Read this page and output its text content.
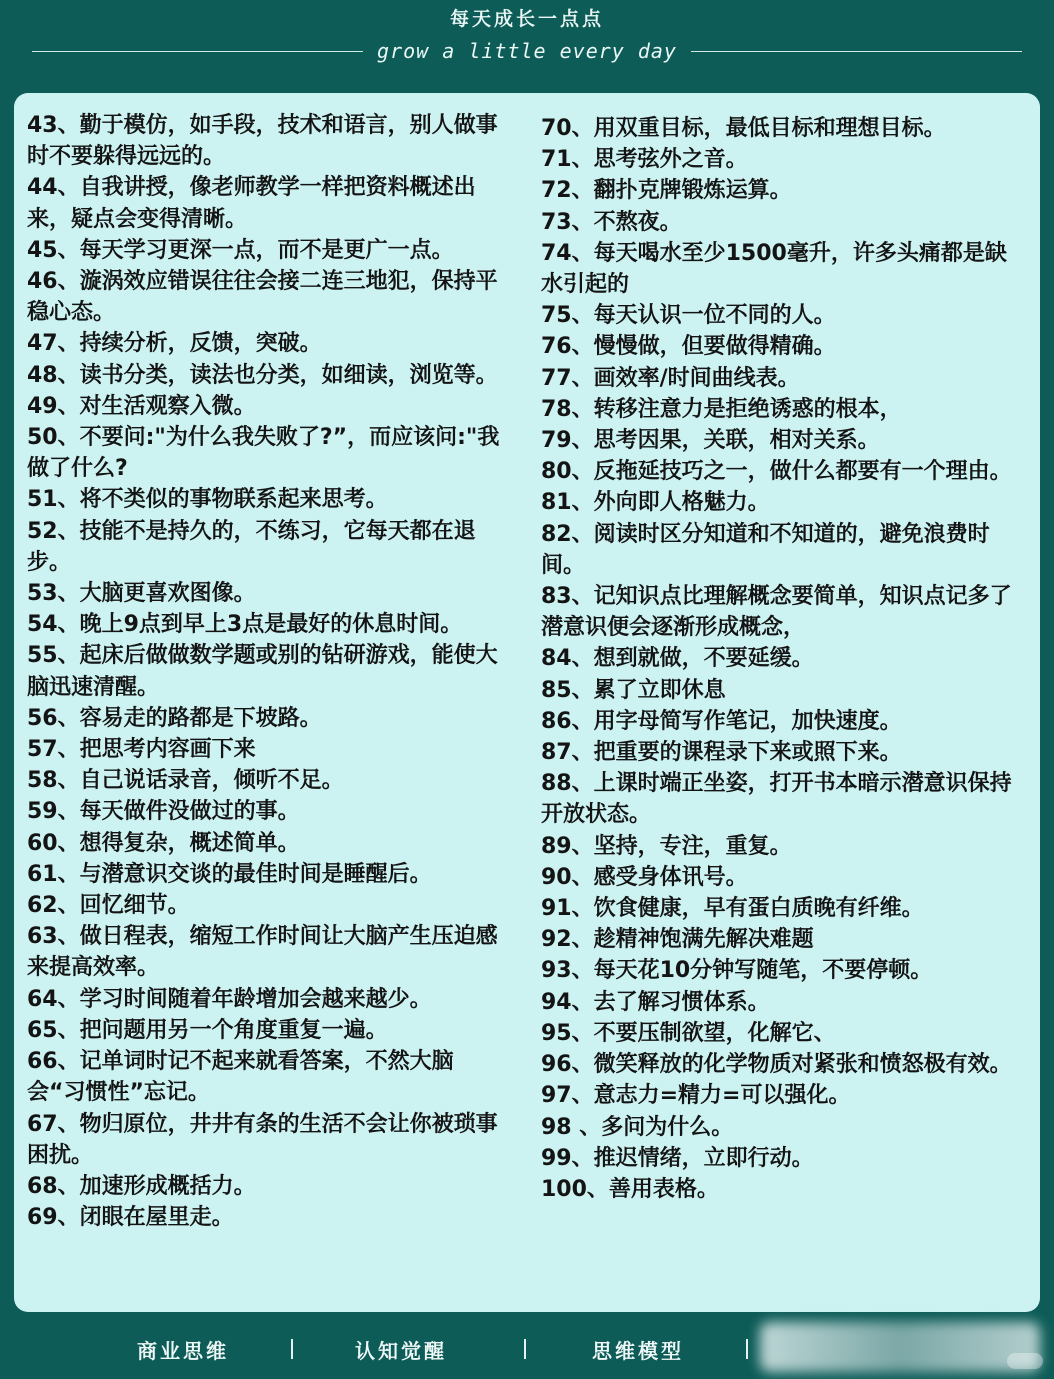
每天成长一点点
grow a little every day
43、勤于模仿，如手段，技术和语言，别人做事时不要躲得远远的。
44、自我讲授，像老师教学一样把资料概述出来，疑点会变得清晰。
45、每天学习更深一点，而不是更广一点。
46、漩涡效应错误往往会接二连三地犯，保持平稳心态。
47、持续分析，反馈，突破。
48、读书分类，读法也分类，如细读，浏览等。
49、对生活观察入微。
50、不要问:"为什么我失败了?”，而应该问:"我做了什么?
51、将不类似的事物联系起来思考。
52、技能不是持久的，不练习，它每天都在退步。
53、大脑更喜欢图像。
54、晚上9点到早上3点是最好的休息时间。
55、起床后做做数学题或别的钻研游戏，能使大脑迅速清醒。
56、容易走的路都是下坡路。
57、把思考内容画下来
58、自己说话录音，倾听不足。
59、每天做件没做过的事。
60、想得复杂，概述简单。
61、与潜意识交谈的最佳时间是睡醒后。
62、回忆细节。
63、做日程表，缩短工作时间让大脑产生压迫感来提高效率。
64、学习时间随着年龄增加会越来越少。
65、把问题用另一个角度重复一遍。
66、记单词时记不起来就看答案，不然大脑会“习惯性”忘记。
67、物归原位，井井有条的生活不会让你被琐事困扰。
68、加速形成概括力。
69、闭眼在屋里走。
70、用双重目标，最低目标和理想目标。
71、思考弦外之音。
72、翻扑克牌锻炼运算。
73、不熬夜。
74、每天喝水至少1500毫升，许多头痛都是缺水引起的
75、每天认识一位不同的人。
76、慢慢做，但要做得精确。
77、画效率/时间曲线表。
78、转移注意力是拒绝诱惑的根本，
79、思考因果，关联，相对关系。
80、反拖延技巧之一，做什么都要有一个理由。
81、外向即人格魅力。
82、阅读时区分知道和不知道的，避免浪费时间。
83、记知识点比理解概念要简单，知识点记多了潜意识便会逐渐形成概念，
84、想到就做，不要延缓。
85、累了立即休息
86、用字母简写作笔记，加快速度。
87、把重要的课程录下来或照下来。
88、上课时端正坐姿，打开书本暗示潜意识保持开放状态。
89、坚持，专注，重复。
90、感受身体讯号。
91、饮食健康，早有蛋白质晚有纤维。
92、趁精神饱满先解决难题
93、每天花10分钟写随笔，不要停顿。
94、去了解习惯体系。
95、不要压制欲望，化解它、
96、微笑释放的化学物质对紧张和愤怒极有效。
97、意志力=精力=可以强化。
98 、多问为什么。
99、推迟情绪，立即行动。
100、善用表格。
商业思维	认知觉醒	思维模型
